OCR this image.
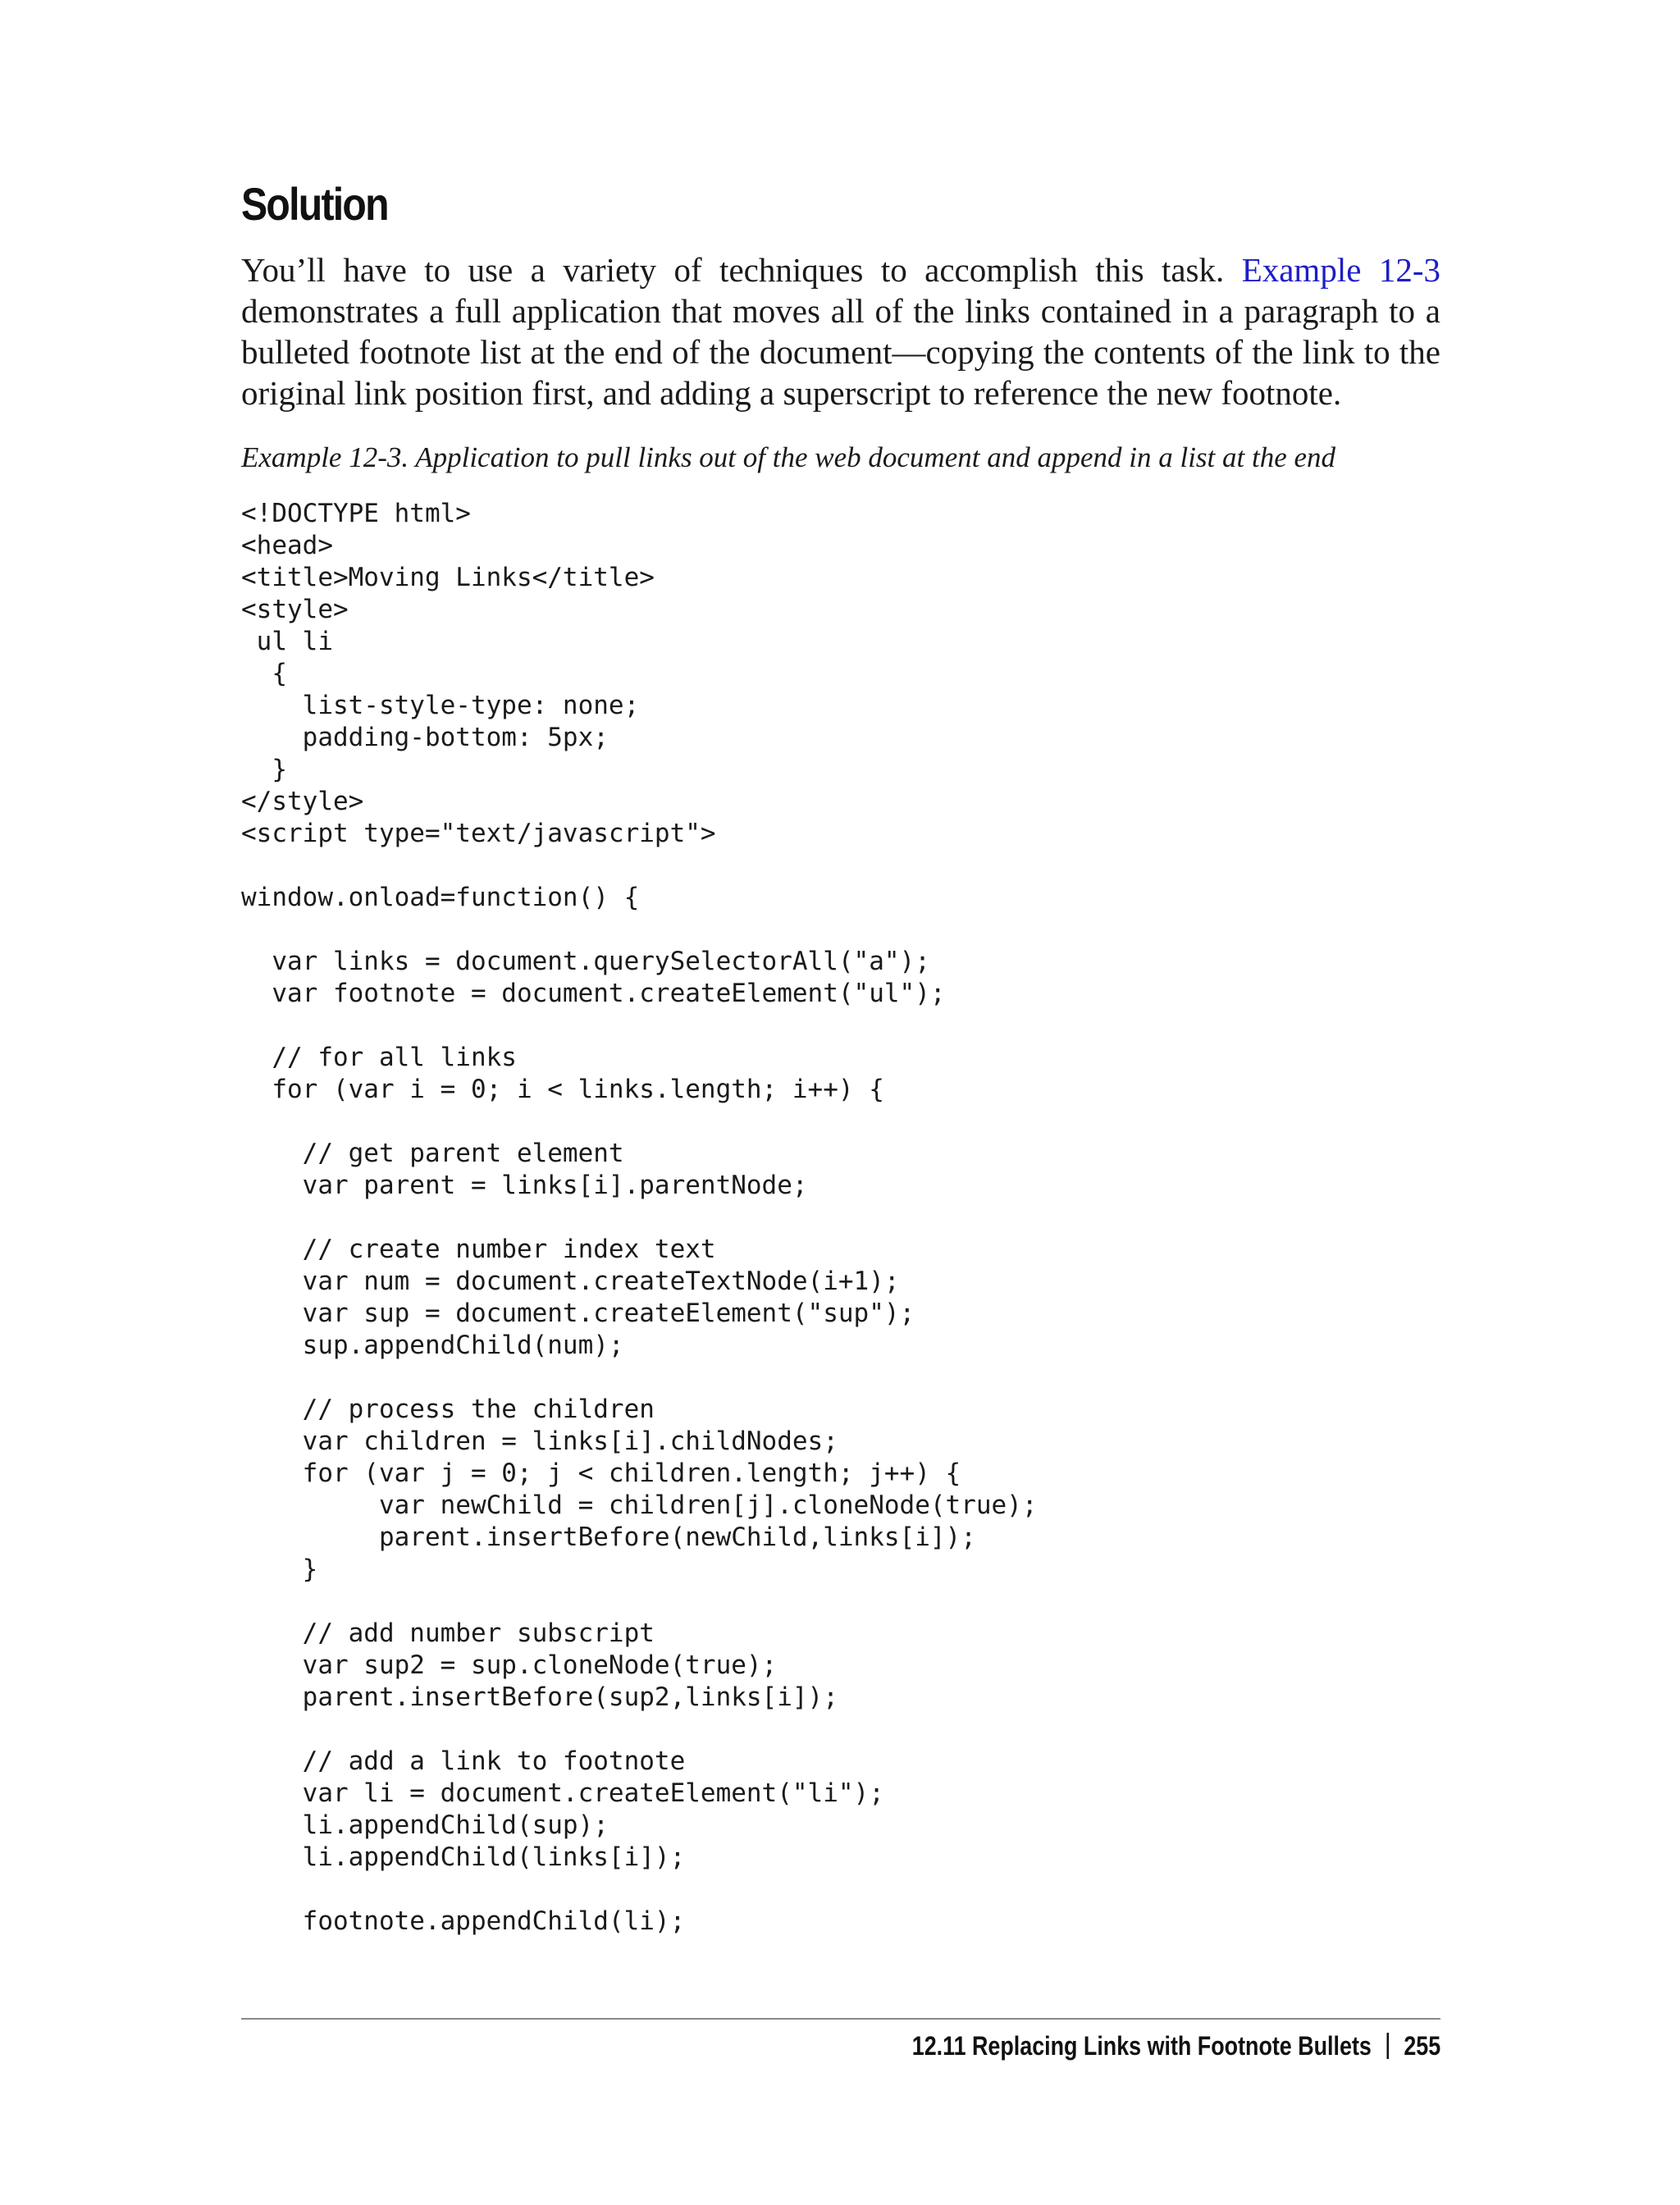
Solution

You’ll have to use a variety of techniques to accomplish this task. Example 12-3 demonstrates a full application that moves all of the links contained in a paragraph to a bulleted footnote list at the end of the document—copying the contents of the link to the original link position first, and adding a superscript to reference the new footnote.

Example 12-3. Application to pull links out of the web document and append in a list at the end

<!DOCTYPE html>
<head>
<title>Moving Links</title>
<style>
ul li
{
list-style-type: none;
padding-bottom: 5px;
}
</style>
<script type="text/javascript">

window.onload=function() {

var links = document.querySelectorAll("a");
var footnote = document.createElement("ul");

// for all links
for (var i = 0; i < links.length; i++) {

// get parent element
var parent = links[i].parentNode;

// create number index text
var num = document.createTextNode(i+1);
var sup = document.createElement("sup");
sup.appendChild(num);

// process the children
var children = links[i].childNodes;
for (var j = 0; j < children.length; j++) {
var newChild = children[j].cloneNode(true);
parent.insertBefore(newChild,links[i]);
}

// add number subscript
var sup2 = sup.cloneNode(true);
parent.insertBefore(sup2,links[i]);

// add a link to footnote
var li = document.createElement("li");
li.appendChild(sup);
li.appendChild(links[i]);

footnote.appendChild(li);
12.11 Replacing Links with Footnote Bullets 255
